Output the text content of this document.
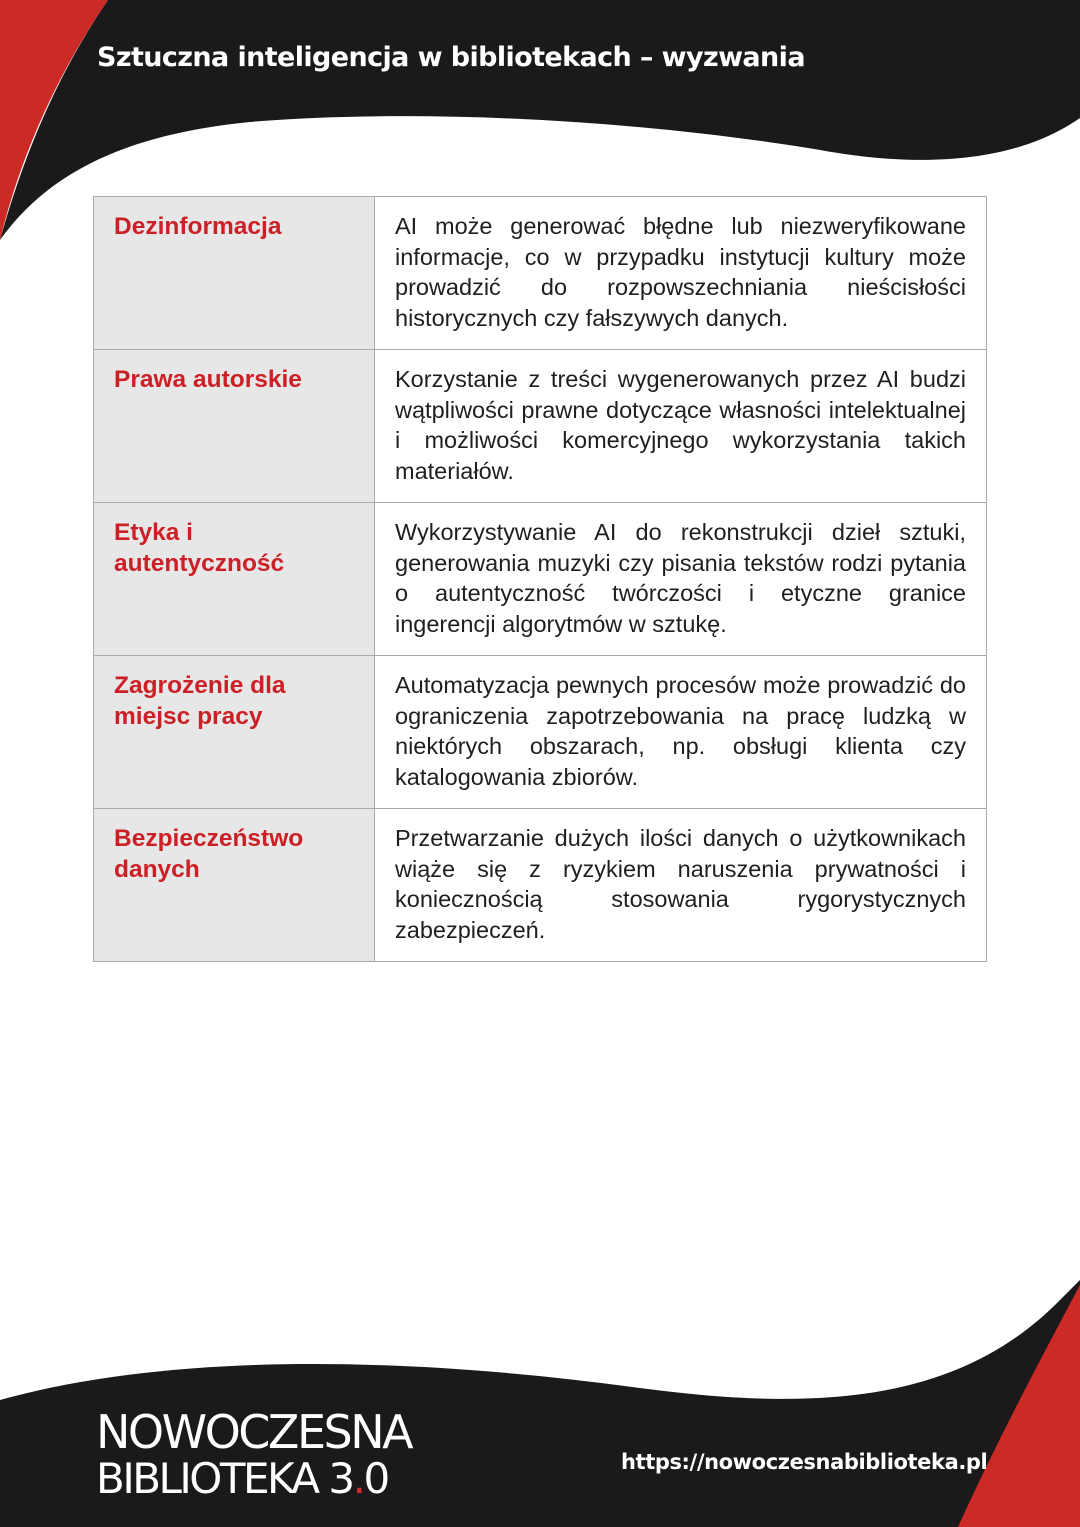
Sztuczna inteligencja w bibliotekach – wyzwania
Dezinformacja	AI może generować błędne lub niezweryfikowane informacje, co w przypadku instytucji kultury może prowadzić do rozpowszechniania nieścisłości historycznych czy fałszywych danych.

Prawa autorskie	Korzystanie z treści wygenerowanych przez AI budzi wątpliwości prawne dotyczące własności intelektualnej i możliwości komercyjnego wykorzystania takich materiałów.

Etyka i autentyczność	Wykorzystywanie AI do rekonstrukcji dzieł sztuki, generowania muzyki czy pisania tekstów rodzi pytania o autentyczność twórczości i etyczne granice ingerencji algorytmów w sztukę.

Zagrożenie dla miejsc pracy	Automatyzacja pewnych procesów może prowadzić do ograniczenia zapotrzebowania na pracę ludzką w niektórych obszarach, np. obsługi klienta czy katalogowania zbiorów.

Bezpieczeństwo danych	Przetwarzanie dużych ilości danych o użytkownikach wiąże się z ryzykiem naruszenia prywatności i koniecznością stosowania rygorystycznych zabezpieczeń.
NOWOCZESNA
BIBLIOTEKA 3.0	https://nowoczesnabiblioteka.pl
